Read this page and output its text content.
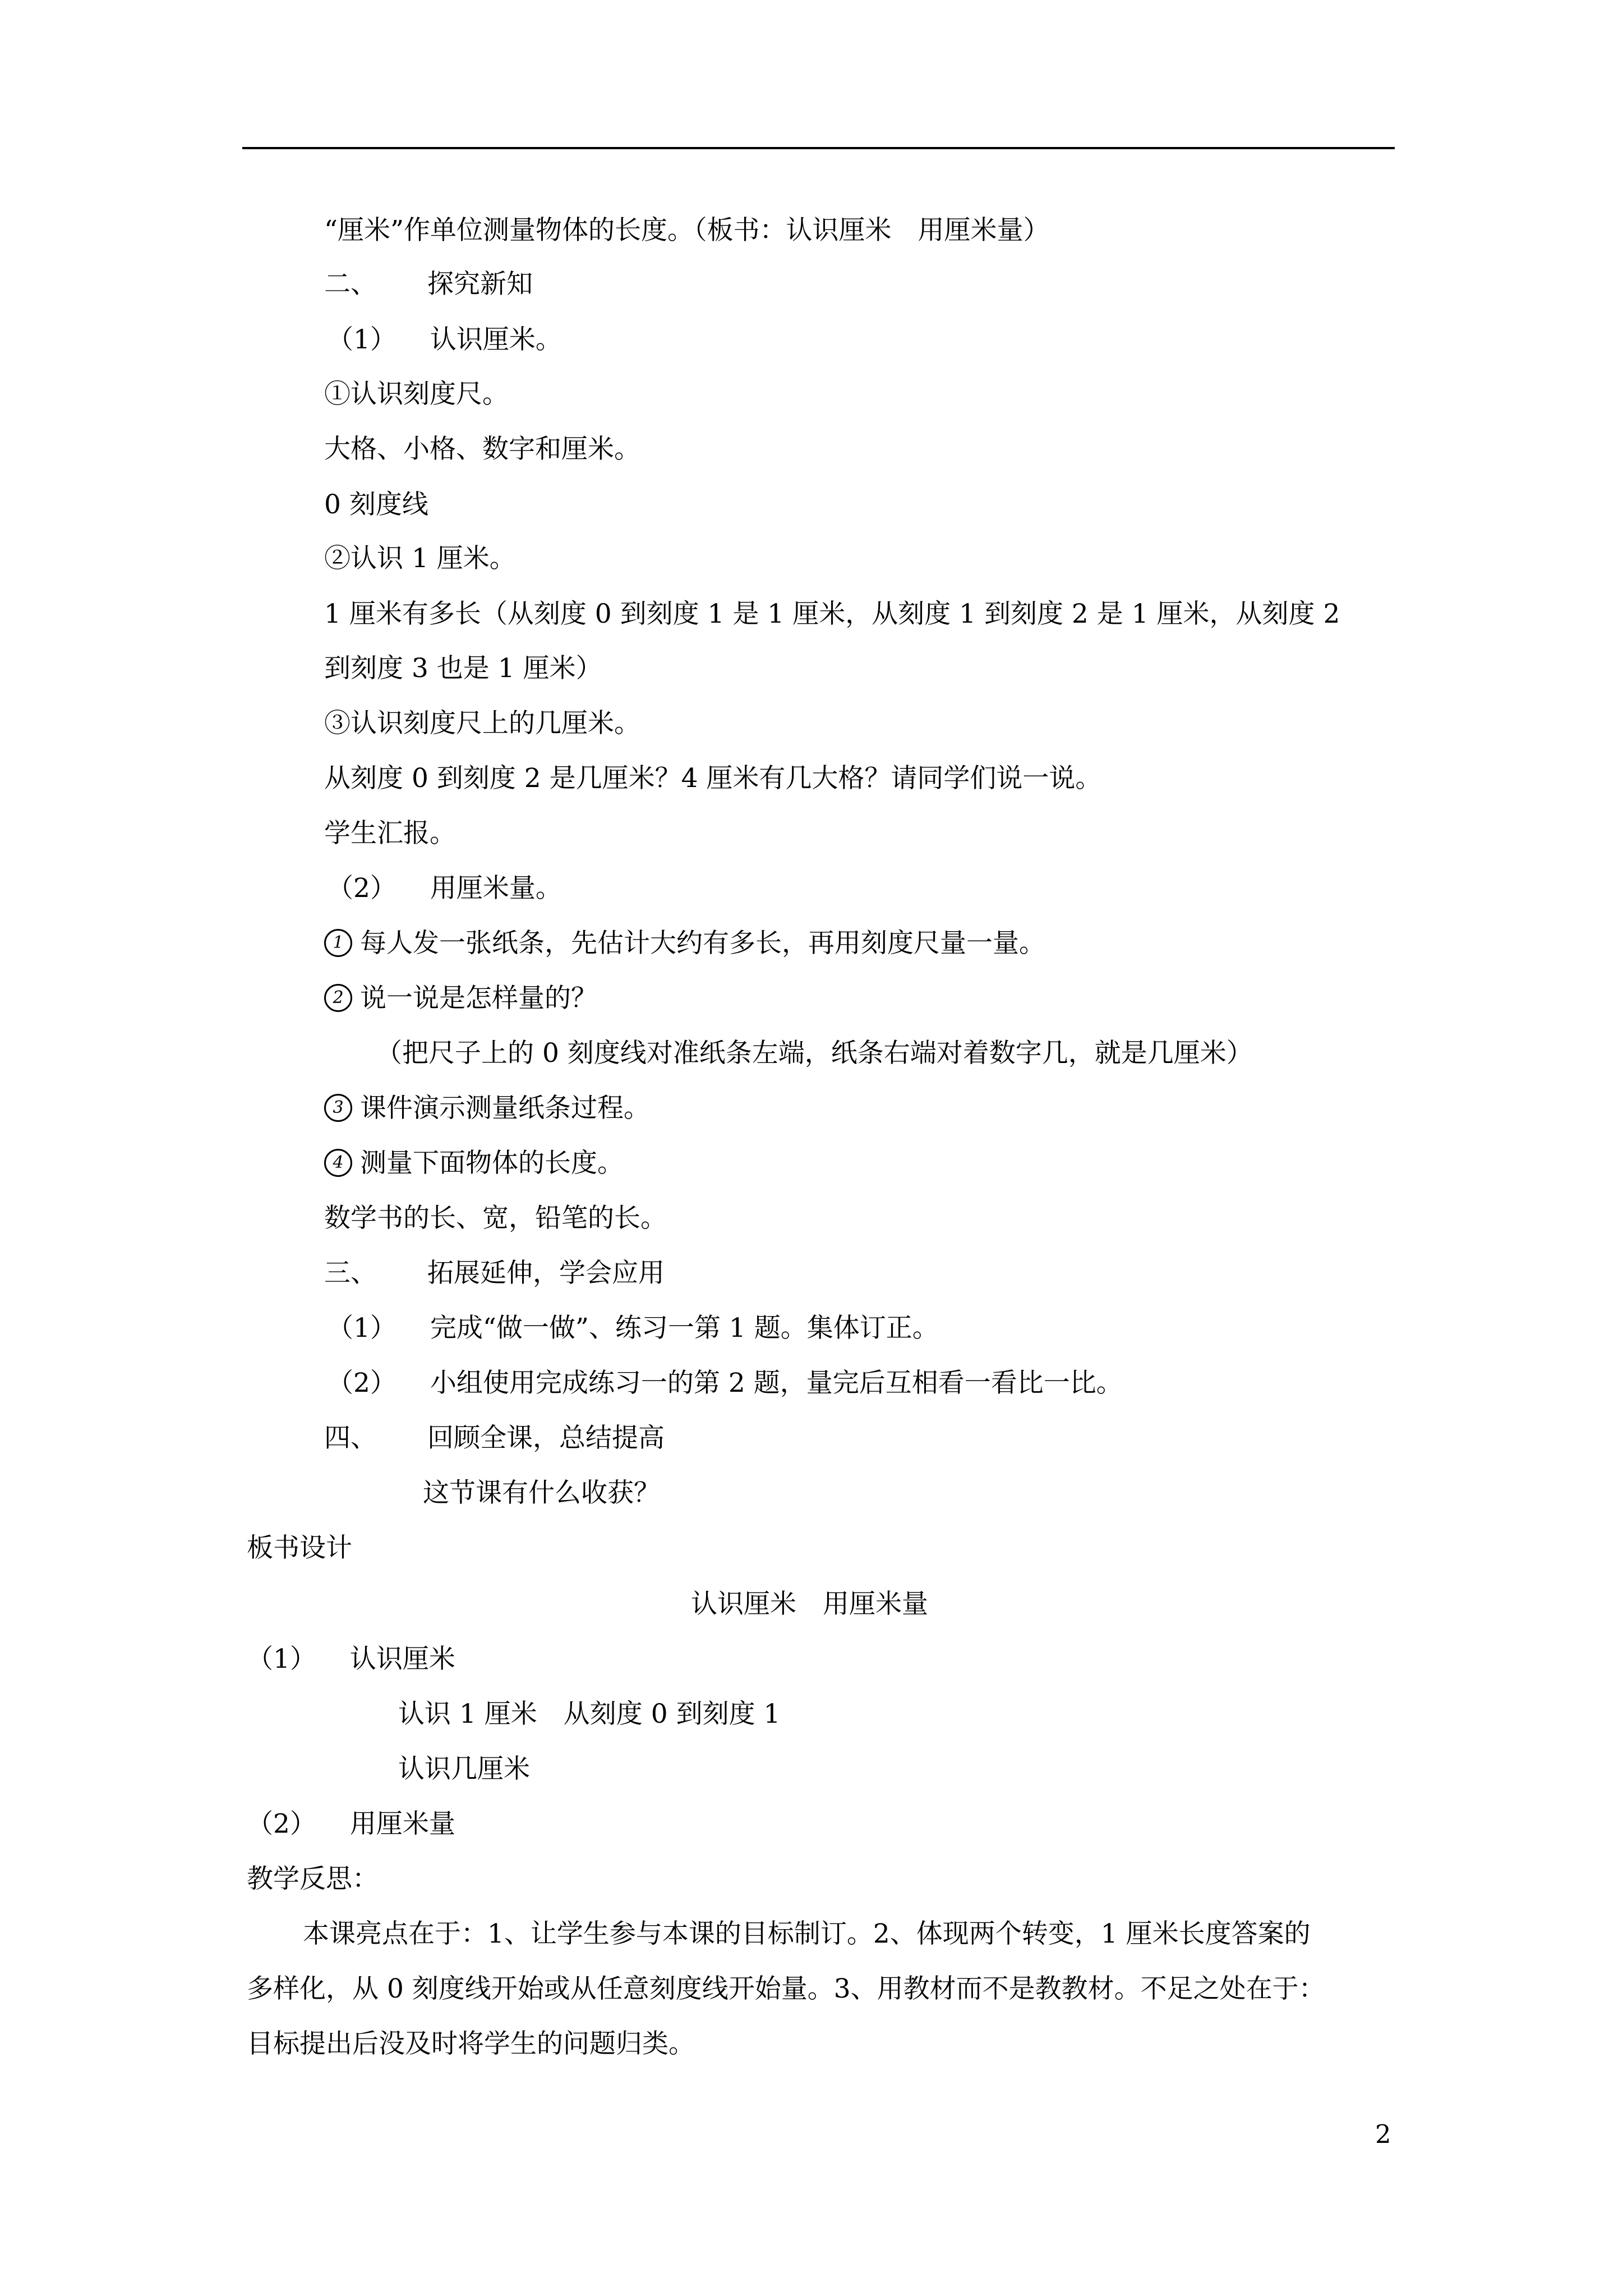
“厘米”作单位测量物体的长度。（板书：认识厘米　用厘米量）
二、 探究新知
（1） 认识厘米。
①认识刻度尺。
大格、小格、数字和厘米。
0 刻度线
②认识 1 厘米。
1 厘米有多长（从刻度 0 到刻度 1 是 1 厘米，从刻度 1 到刻度 2 是 1 厘米，从刻度 2
到刻度 3 也是 1 厘米）
③认识刻度尺上的几厘米。
从刻度 0 到刻度 2 是几厘米？4 厘米有几大格？请同学们说一说。
学生汇报。
（2） 用厘米量。
1 每人发一张纸条，先估计大约有多长，再用刻度尺量一量。
2 说一说是怎样量的？
（把尺子上的 0 刻度线对准纸条左端，纸条右端对着数字几，就是几厘米）
3 课件演示测量纸条过程。
4 测量下面物体的长度。
数学书的长、宽，铅笔的长。
三、 拓展延伸，学会应用
（1） 完成“做一做”、练习一第 1 题。集体订正。
（2） 小组使用完成练习一的第 2 题，量完后互相看一看比一比。
四、 回顾全课，总结提高
这节课有什么收获？
板书设计
认识厘米　用厘米量
（1） 认识厘米
认识 1 厘米　从刻度 0 到刻度 1
认识几厘米
（2） 用厘米量
教学反思：
本课亮点在于：1、让学生参与本课的目标制订。2、体现两个转变，1 厘米长度答案的
多样化，从 0 刻度线开始或从任意刻度线开始量。3、用教材而不是教教材。不足之处在于：
目标提出后没及时将学生的问题归类。
2
